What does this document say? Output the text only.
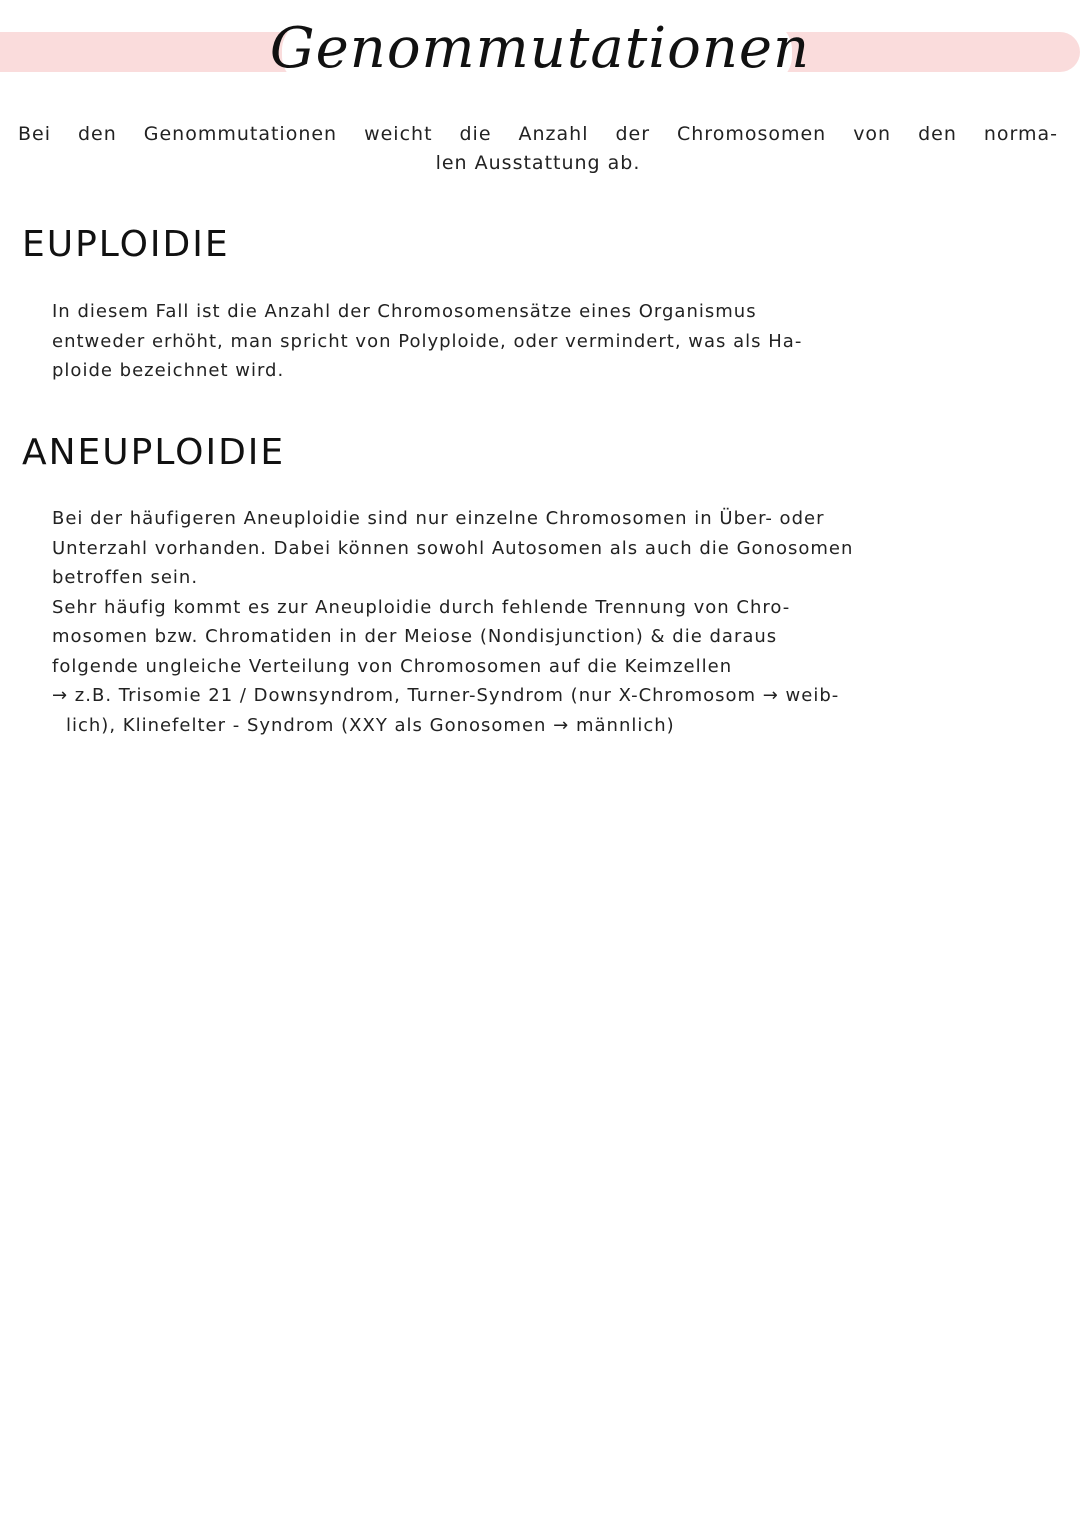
Genommutationen
Bei den Genommutationen weicht die Anzahl der Chromosomen von den norma-
len Ausstattung ab.
EUPLOIDIE
In diesem Fall ist die Anzahl der Chromosomensätze eines Organismus
entweder erhöht, man spricht von Polyploide, oder vermindert, was als Ha-
ploide bezeichnet wird.
ANEUPLOIDIE
Bei der häufigeren Aneuploidie sind nur einzelne Chromosomen in Über- oder
Unterzahl vorhanden. Dabei können sowohl Autosomen als auch die Gonosomen
betroffen sein.
Sehr häufig kommt es zur Aneuploidie durch fehlende Trennung von Chro-
mosomen bzw. Chromatiden in der Meiose (Nondisjunction) & die daraus
folgende ungleiche Verteilung von Chromosomen auf die Keimzellen
→ z.B. Trisomie 21 / Downsyndrom, Turner-Syndrom (nur X-Chromosom → weib-
lich), Klinefelter - Syndrom (XXY als Gonosomen → männlich)
